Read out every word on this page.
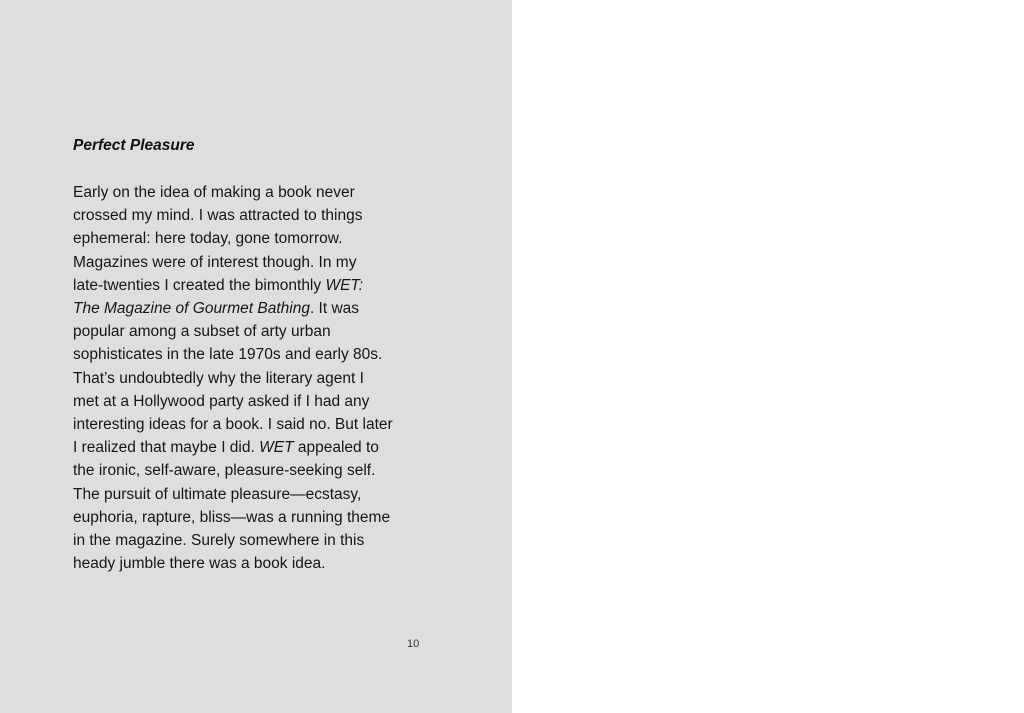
Perfect Pleasure

Early on the idea of making a book never
crossed my mind. I was attracted to things
ephemeral: here today, gone tomorrow.
Magazines were of interest though. In my
late-twenties I created the bimonthly WET:
The Magazine of Gourmet Bathing. It was
popular among a subset of arty urban
sophisticates in the late 1970s and early 80s.
That’s undoubtedly why the literary agent I
met at a Hollywood party asked if I had any
interesting ideas for a book. I said no. But later
I realized that maybe I did. WET appealed to
the ironic, self-aware, pleasure-seeking self.
The pursuit of ultimate pleasure—ecstasy,
euphoria, rapture, bliss—was a running theme
in the magazine. Surely somewhere in this
heady jumble there was a book idea.

10
